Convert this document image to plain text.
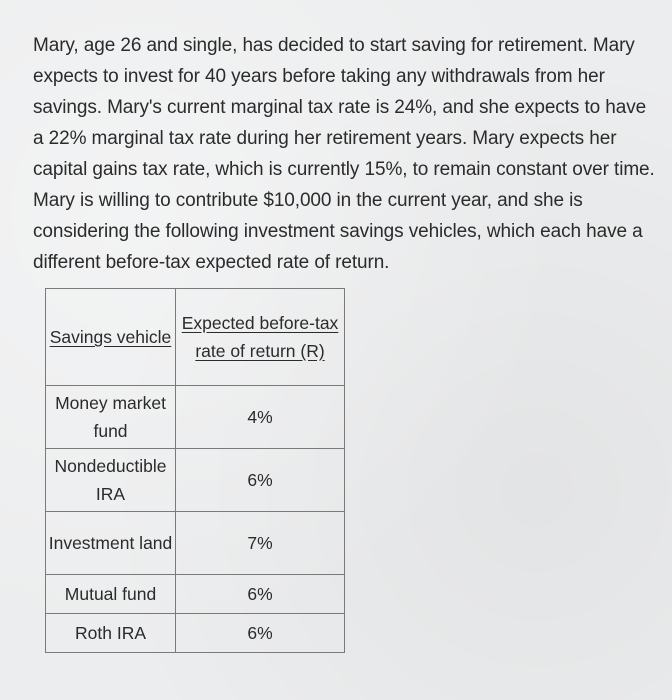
Mary, age 26 and single, has decided to start saving for retirement. Mary expects to invest for 40 years before taking any withdrawals from her savings. Mary's current marginal tax rate is 24%, and she expects to have a 22% marginal tax rate during her retirement years. Mary expects her capital gains tax rate, which is currently 15%, to remain constant over time. Mary is willing to contribute $10,000 in the current year, and she is considering the following investment savings vehicles, which each have a different before-tax expected rate of return.

Savings vehicle	Expected before-tax rate of return (R)
Money market fund	4%
Nondeductible IRA	6%
Investment land	7%
Mutual fund	6%
Roth IRA	6%
